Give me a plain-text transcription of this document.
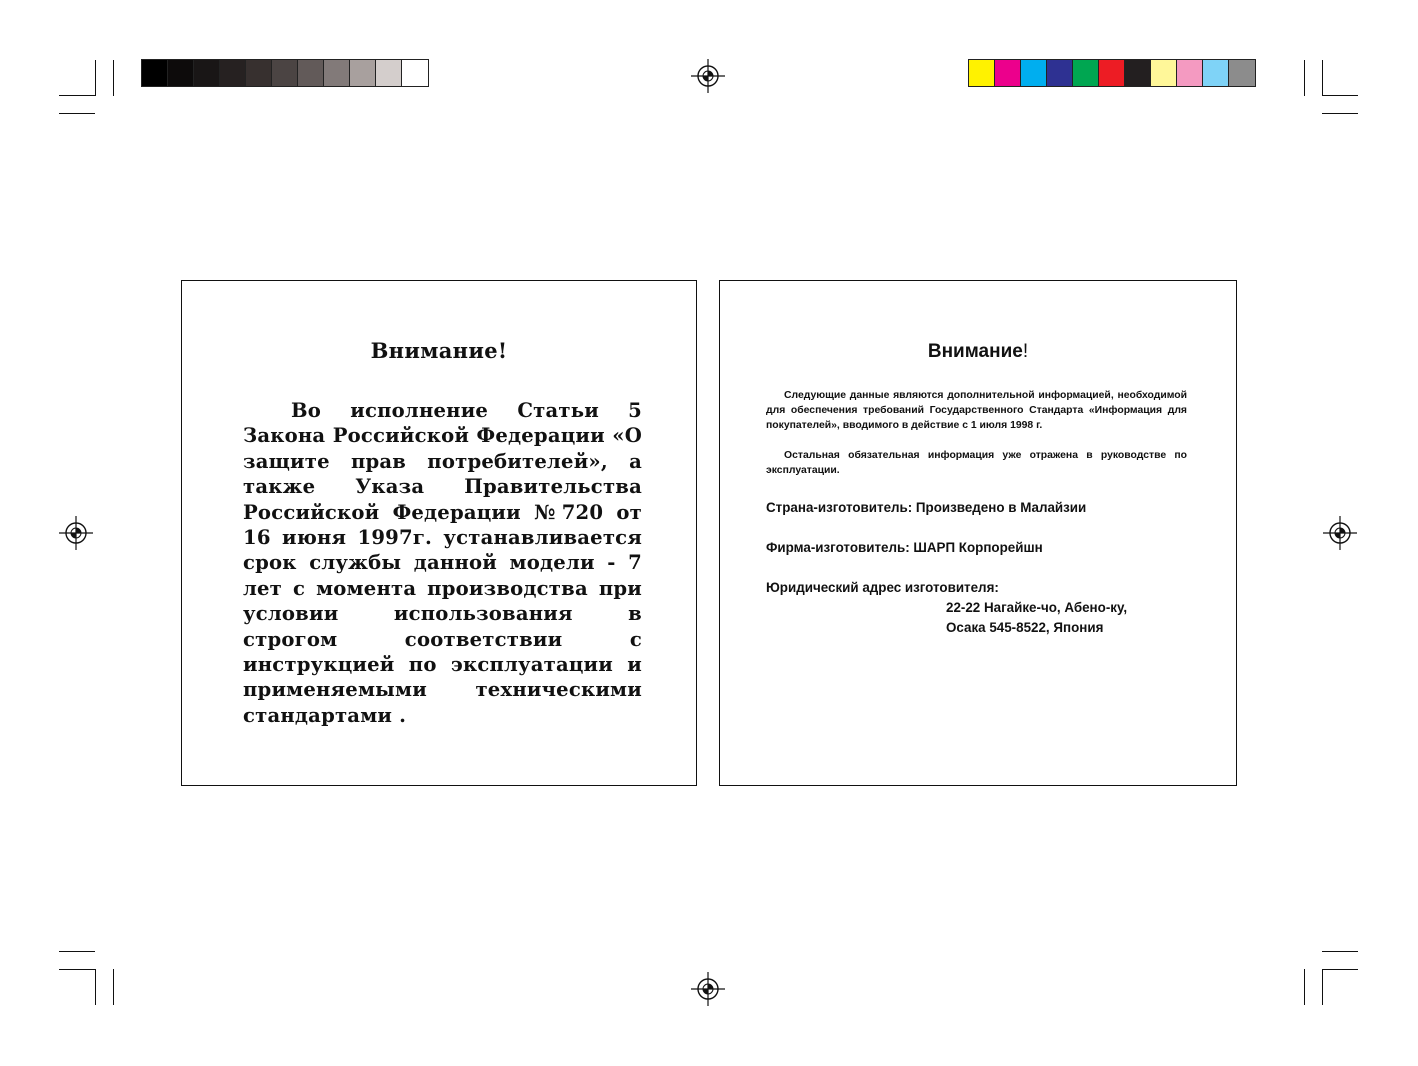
Внимание!
Во исполнение Статьи 5 Закона Российской Федерации «О защите прав потребителей», а также Указа Правительства Российской Федерации №720 от 16 июня 1997г. устанавливается срок службы данной модели - 7 лет с момента производства при условии использования в строгом соответствии с инструкцией по эксплуатации и применяемыми техническими стандартами .
Внимание!
Следующие данные являются дополнительной информацией, необходимой для обеспечения требований Государственного Стандарта «Информация для покупателей», вводимого в действие с 1 июля 1998 г.
Остальная обязательная информация уже отражена в руководстве по эксплуатации.
Страна-изготовитель: Произведено в Малайзии
Фирма-изготовитель: ШАРП Корпорейшн
Юридический адрес изготовителя:
22-22 Нагайке-чо, Абено-ку,
Осака 545-8522, Япония
